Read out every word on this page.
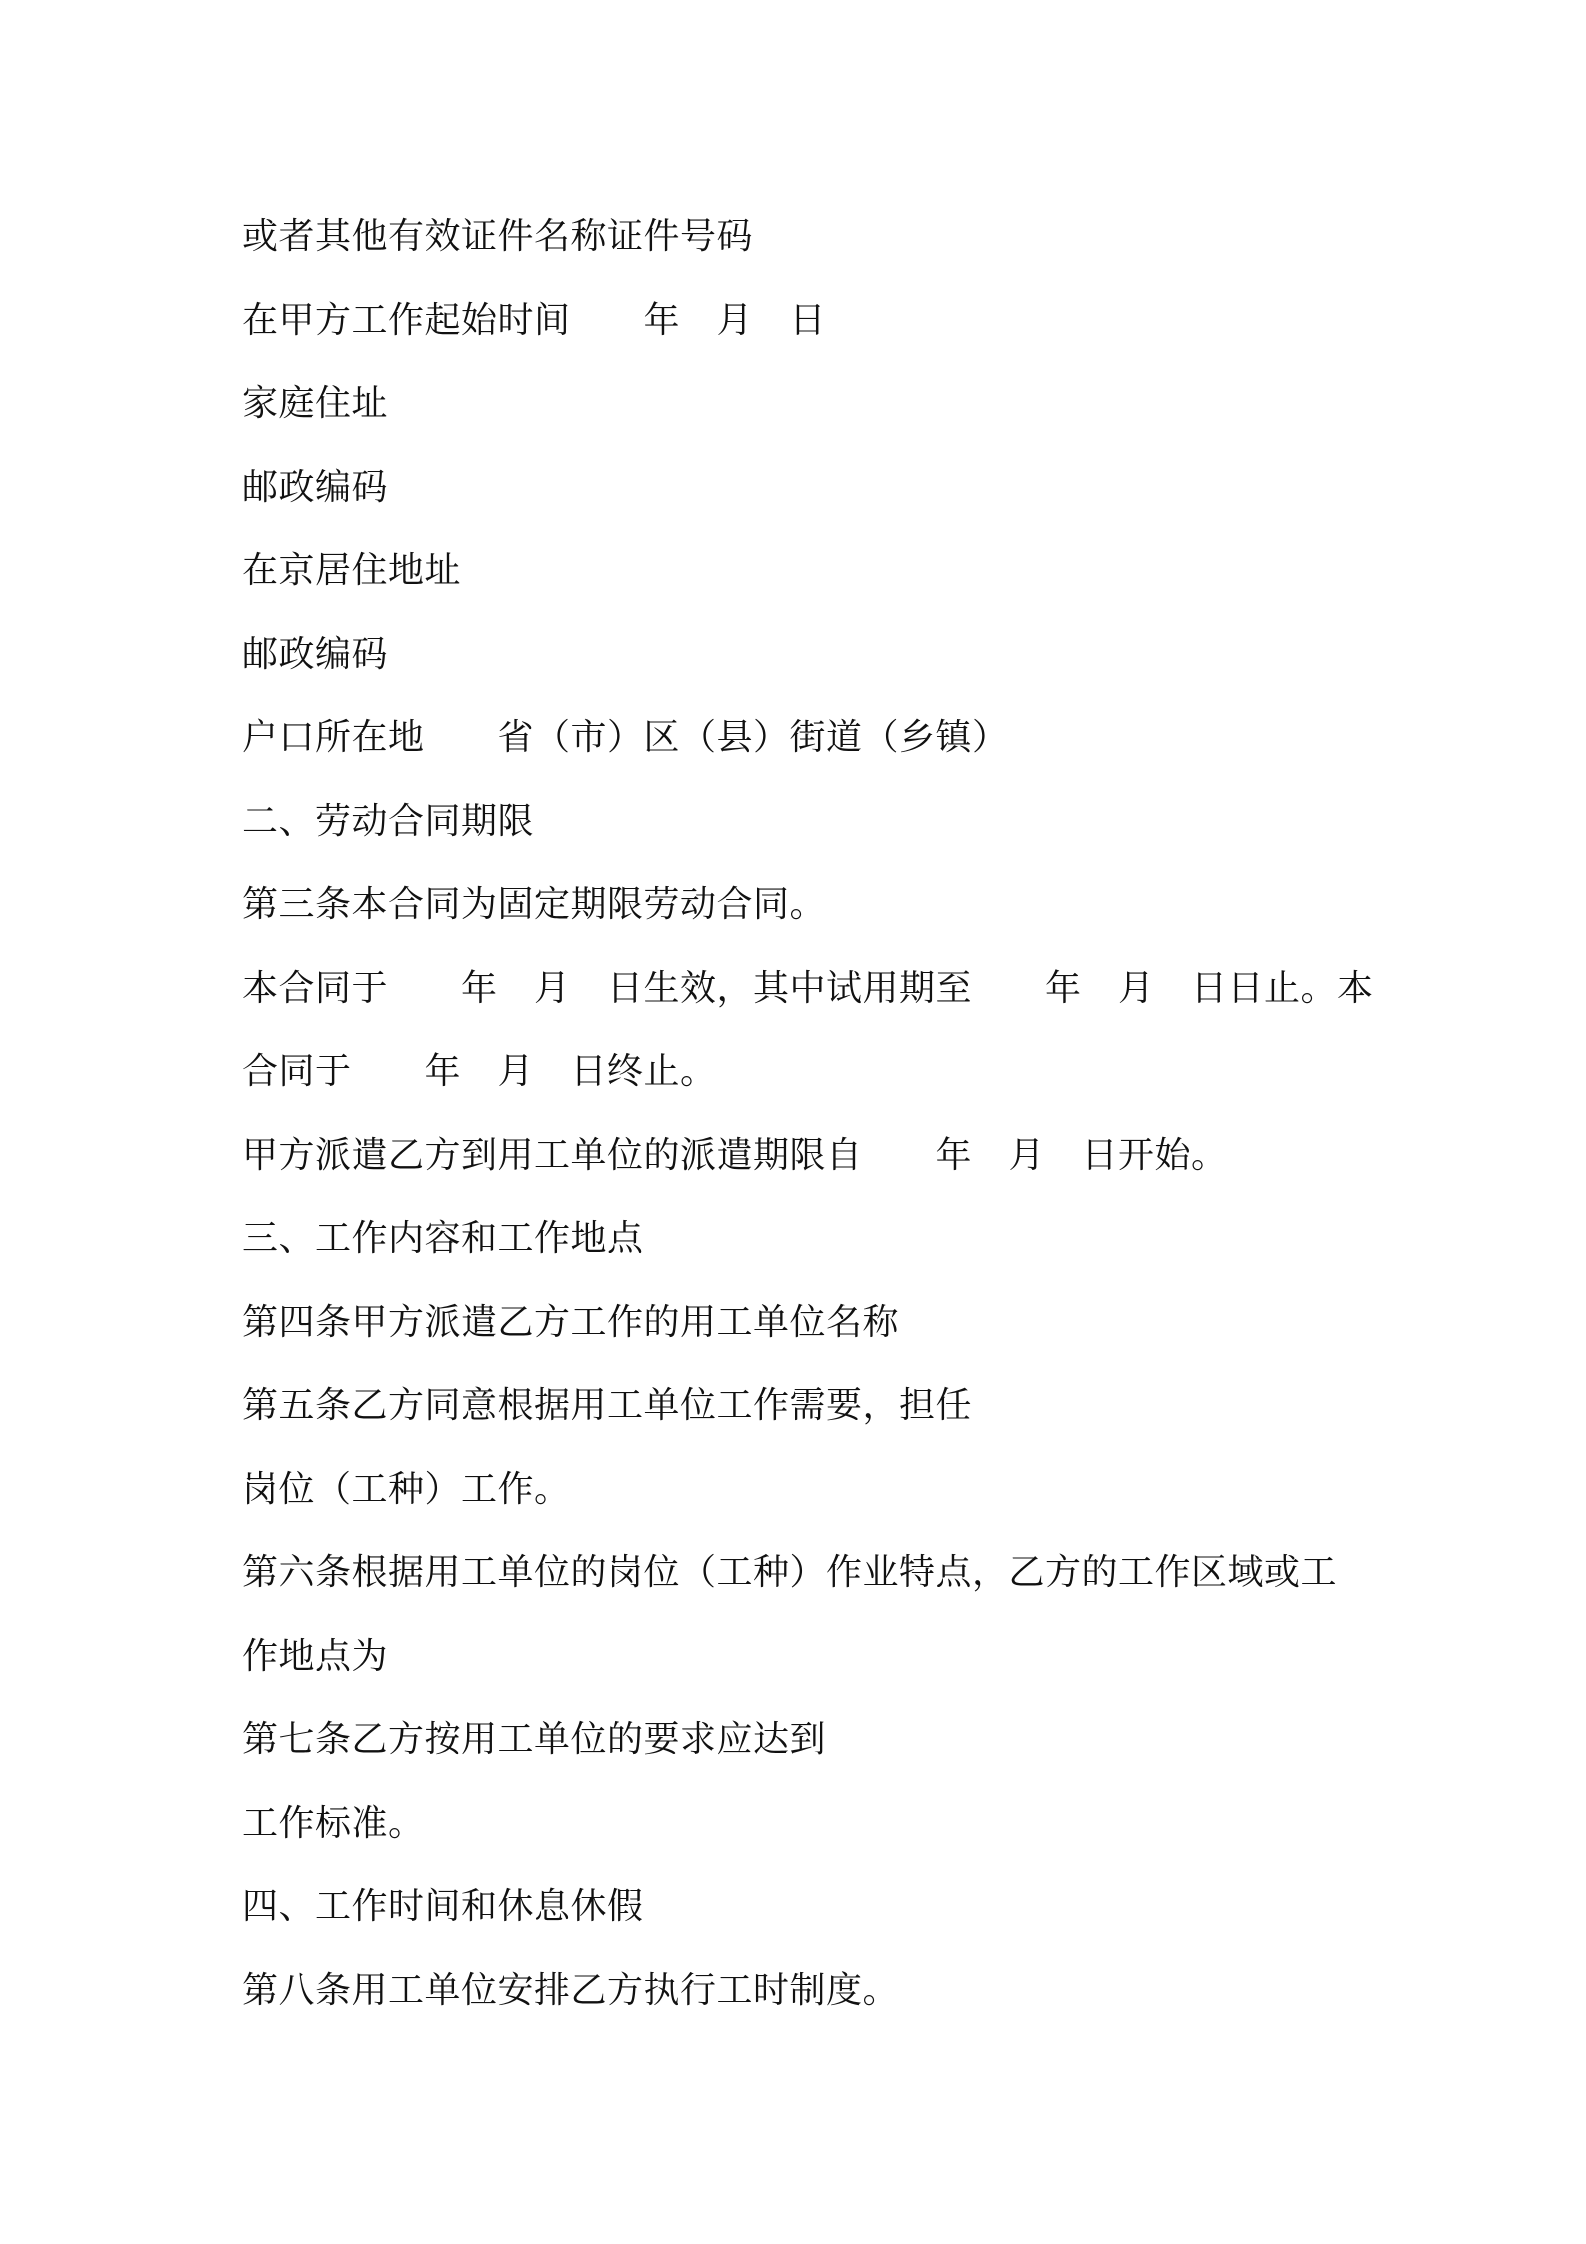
或者其他有效证件名称证件号码
在甲方工作起始时间　　年　月　日
家庭住址
邮政编码
在京居住地址
邮政编码
户口所在地　　省（市）区（县）街道（乡镇）
二、劳动合同期限
第三条本合同为固定期限劳动合同。
本合同于　　年　月　日生效，其中试用期至　　年　月　日日止。本
合同于　　年　月　日终止。
甲方派遣乙方到用工单位的派遣期限自　　年　月　日开始。
三、工作内容和工作地点
第四条甲方派遣乙方工作的用工单位名称
第五条乙方同意根据用工单位工作需要，担任
岗位（工种）工作。
第六条根据用工单位的岗位（工种）作业特点，乙方的工作区域或工
作地点为
第七条乙方按用工单位的要求应达到
工作标准。
四、工作时间和休息休假
第八条用工单位安排乙方执行工时制度。
